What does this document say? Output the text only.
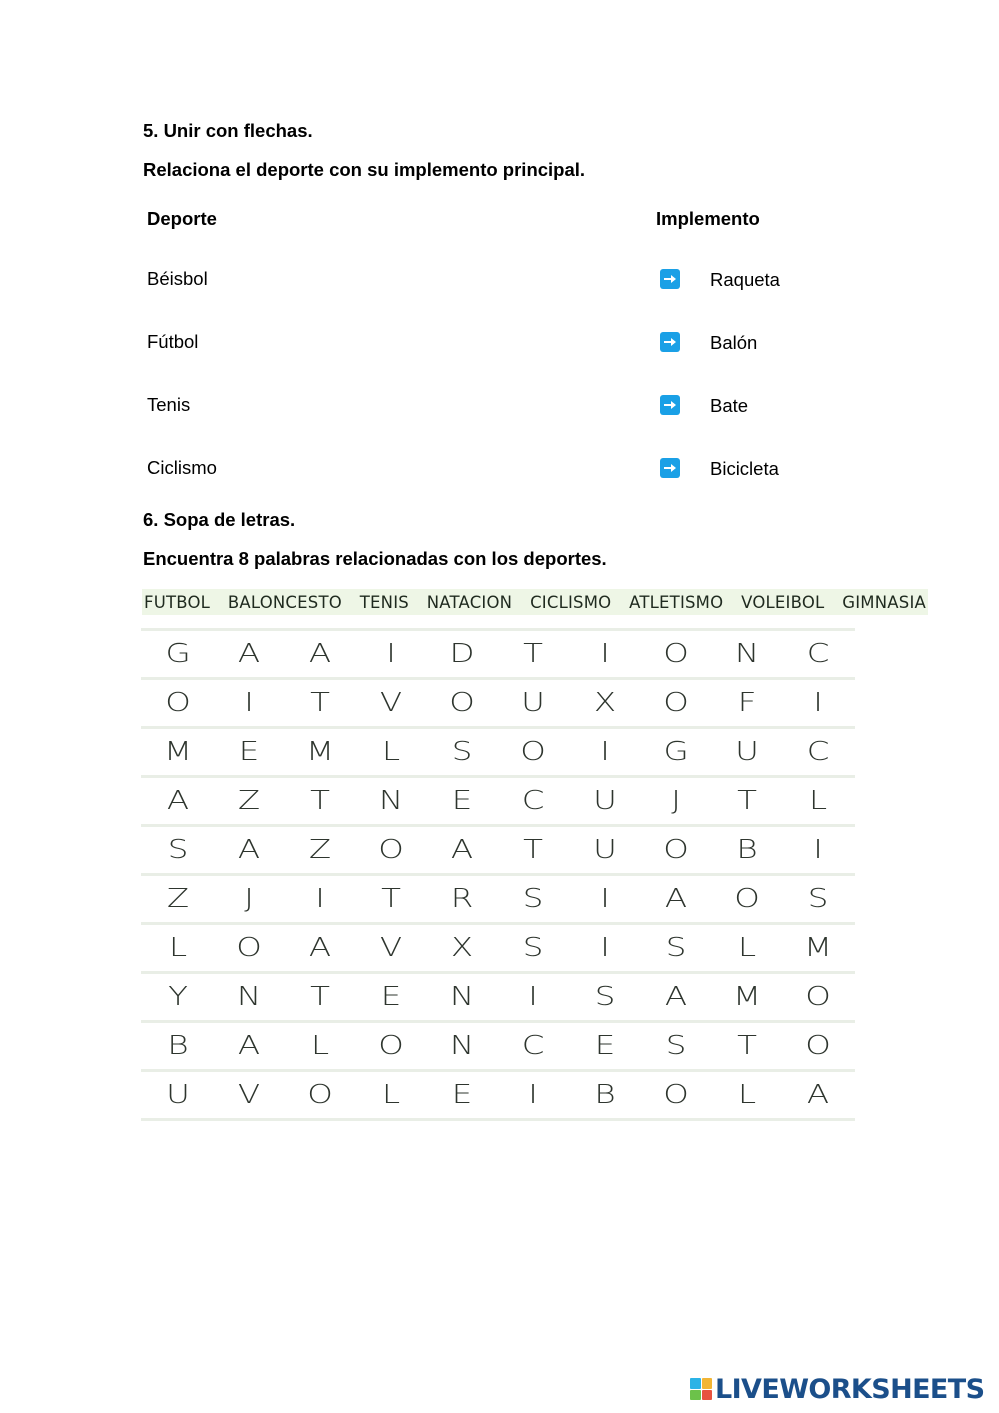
5. Unir con flechas.
Relaciona el deporte con su implemento principal.
Deporte	Implemento
Béisbol	Raqueta
Fútbol	Balón
Tenis	Bate
Ciclismo	Bicicleta
6. Sopa de letras.
Encuentra 8 palabras relacionadas con los deportes.
FUTBOL BALONCESTO TENIS NATACION CICLISMO ATLETISMO VOLEIBOL GIMNASIA
G	A	A	I	D	T	I	O	N	C
O	I	T	V	O	U	X	O	F	I
M	E	M	L	S	O	I	G	U	C
A	Z	T	N	E	C	U	J	T	L
S	A	Z	O	A	T	U	O	B	I
Z	J	I	T	R	S	I	A	O	S
L	O	A	V	X	S	I	S	L	M
Y	N	T	E	N	I	S	A	M	O
B	A	L	O	N	C	E	S	T	O
U	V	O	L	E	I	B	O	L	A
LIVEWORKSHEETS
